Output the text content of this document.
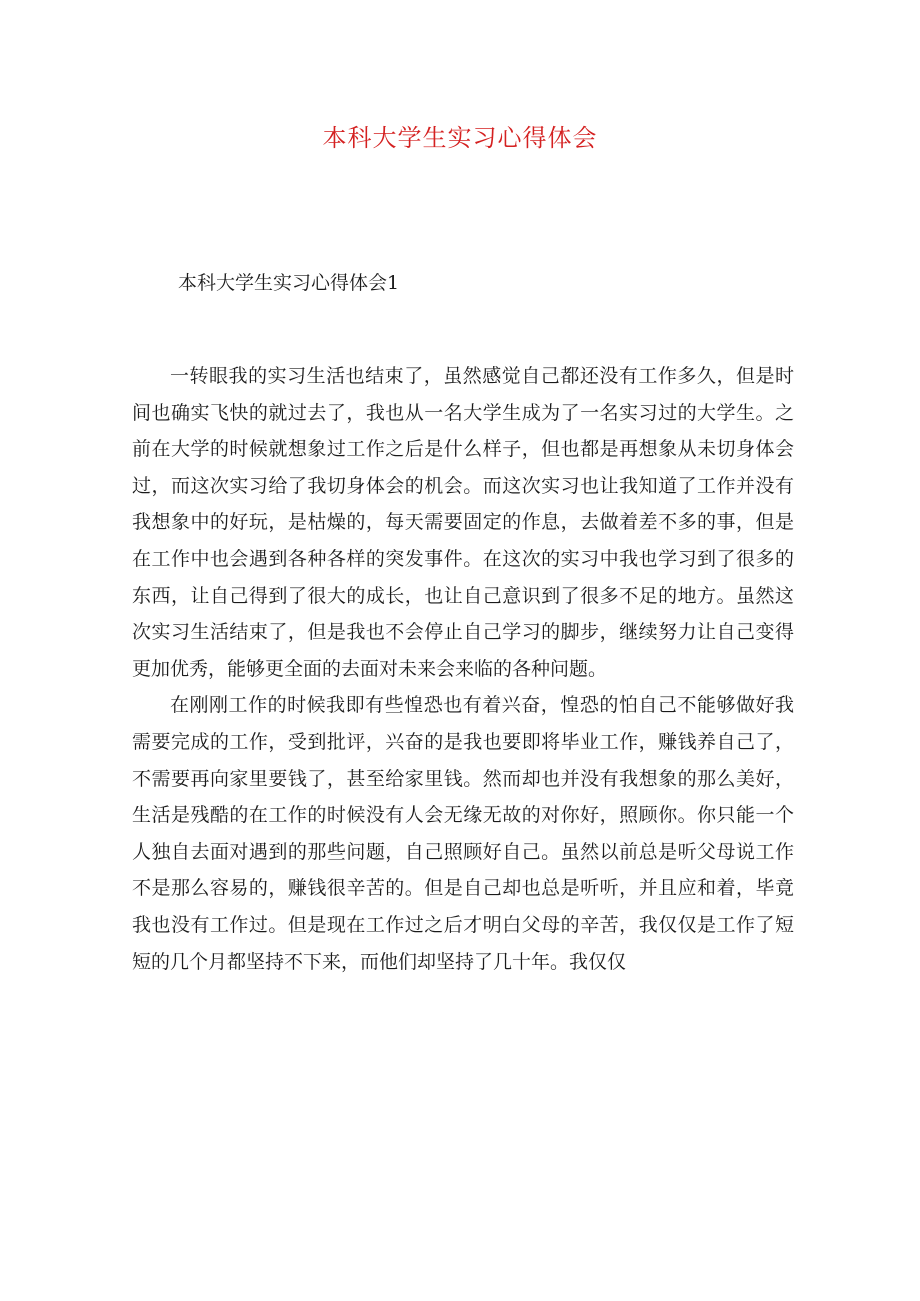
本科大学生实习心得体会
本科大学生实习心得体会1

一转眼我的实习生活也结束了，虽然感觉自己都还没有工作多久，但是时间也确实飞快的就过去了，我也从一名大学生成为了一名实习过的大学生。之前在大学的时候就想象过工作之后是什么样子，但也都是再想象从未切身体会过，而这次实习给了我切身体会的机会。而这次实习也让我知道了工作并没有我想象中的好玩，是枯燥的，每天需要固定的作息，去做着差不多的事，但是在工作中也会遇到各种各样的突发事件。在这次的实习中我也学习到了很多的东西，让自己得到了很大的成长，也让自己意识到了很多不足的地方。虽然这次实习生活结束了，但是我也不会停止自己学习的脚步，继续努力让自己变得更加优秀，能够更全面的去面对未来会来临的各种问题。

在刚刚工作的时候我即有些惶恐也有着兴奋，惶恐的怕自己不能够做好我需要完成的工作，受到批评，兴奋的是我也要即将毕业工作，赚钱养自己了，不需要再向家里要钱了，甚至给家里钱。然而却也并没有我想象的那么美好，生活是残酷的在工作的时候没有人会无缘无故的对你好，照顾你。你只能一个人独自去面对遇到的那些问题，自己照顾好自己。虽然以前总是听父母说工作不是那么容易的，赚钱很辛苦的。但是自己却也总是听听，并且应和着，毕竟我也没有工作过。但是现在工作过之后才明白父母的辛苦，我仅仅是工作了短短的几个月都坚持不下来，而他们却坚持了几十年。我仅仅
